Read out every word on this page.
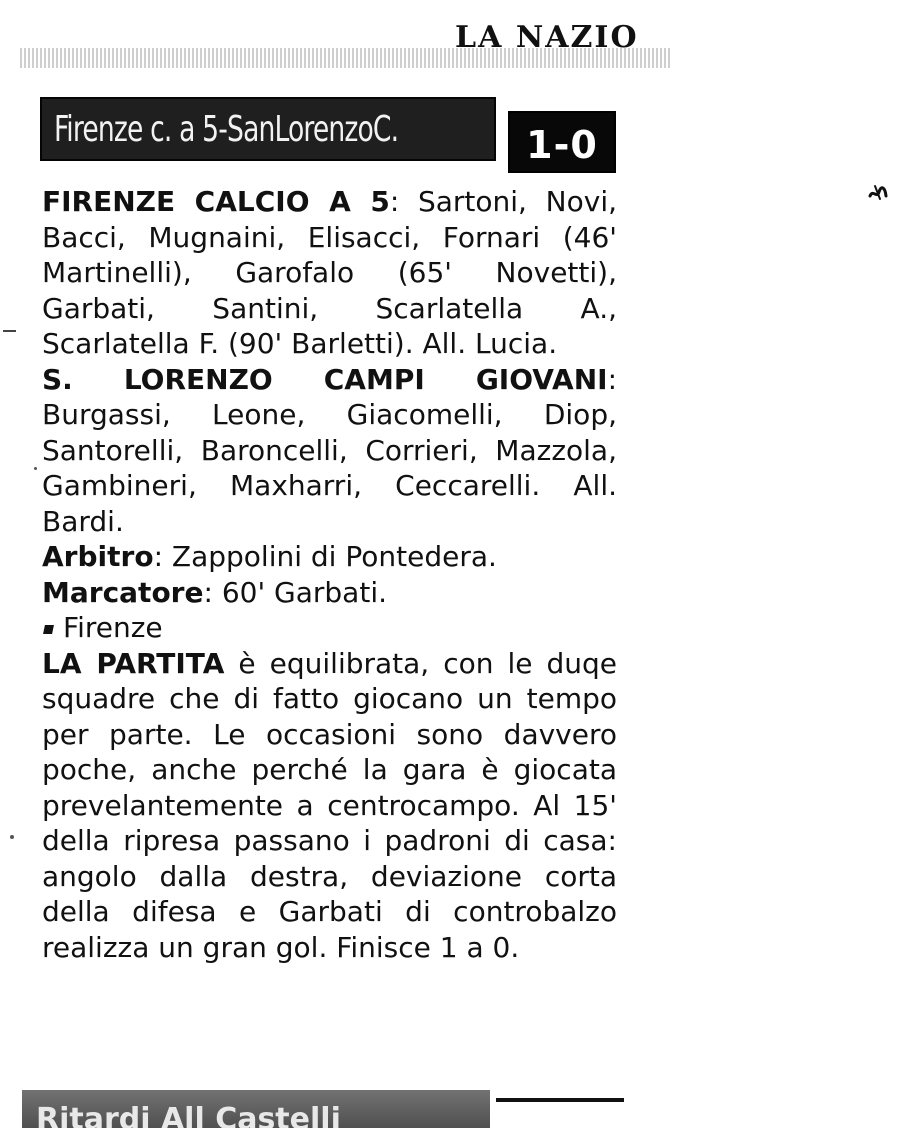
LA NAZIO
Firenze c. a 5-SanLorenzoC.	1-0

FIRENZE CALCIO A 5: Sartoni, Novi, Bacci, Mugnaini, Elisacci, Fornari (46' Martinelli), Garofalo (65' Novetti), Garbati, Santini, Scarlatella A., Scarlatella F. (90' Barletti). All. Lucia.

S. LORENZO CAMPI GIOVANI: Burgassi, Leone, Giacomelli, Diop, Santorelli, Baroncelli, Corrieri, Mazzola, Gambineri, Maxharri, Ceccarelli. All. Bardi.

Arbitro: Zappolini di Pontedera.

Marcatore: 60' Garbati.

Firenze

LA PARTITA è equilibrata, con le duqe squadre che di fatto giocano un tempo per parte. Le occasioni sono davvero poche, anche perché la gara è giocata prevelantemente a centrocampo. Al 15' della ripresa passano i padroni di casa: angolo dalla destra, deviazione corta della difesa e Garbati di controbalzo realizza un gran gol. Finisce 1 a 0.

Ritardi All Castelli
